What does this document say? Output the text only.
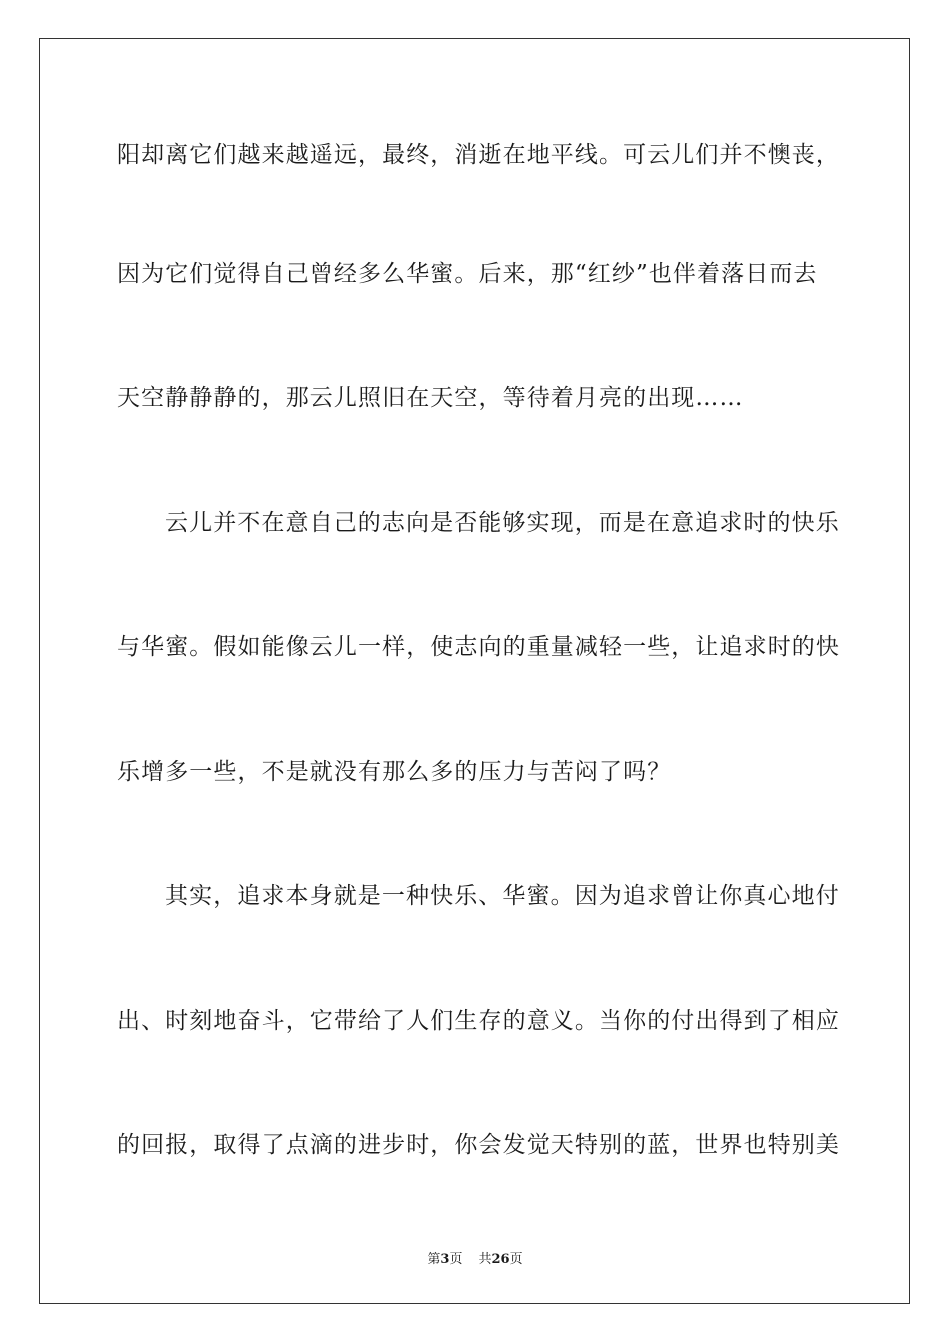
阳却离它们越来越遥远，最终，消逝在地平线。可云儿们并不懊丧，
因为它们觉得自己曾经多么华蜜。后来，那“红纱”也伴着落日而去
天空静静静的，那云儿照旧在天空，等待着月亮的出现……
云儿并不在意自己的志向是否能够实现，而是在意追求时的快乐
与华蜜。假如能像云儿一样，使志向的重量减轻一些，让追求时的快
乐增多一些，不是就没有那么多的压力与苦闷了吗？
其实，追求本身就是一种快乐、华蜜。因为追求曾让你真心地付
出、时刻地奋斗，它带给了人们生存的意义。当你的付出得到了相应
的回报，取得了点滴的进步时，你会发觉天特别的蓝，世界也特别美
第3页 共26页
